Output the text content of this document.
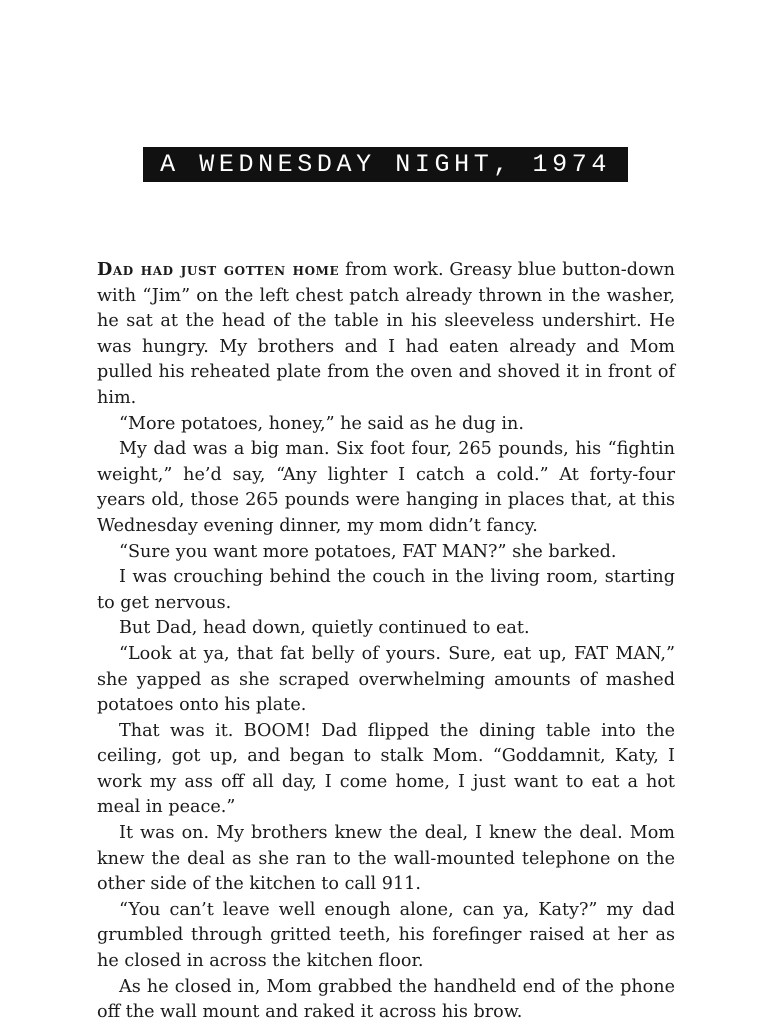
A WEDNESDAY NIGHT, 1974

Dad had just gotten home from work. Greasy blue button-down with “Jim” on the left chest patch already thrown in the washer, he sat at the head of the table in his sleeveless undershirt. He was hungry. My brothers and I had eaten already and Mom pulled his reheated plate from the oven and shoved it in front of him.

“More potatoes, honey,” he said as he dug in.

My dad was a big man. Six foot four, 265 pounds, his “fightin weight,” he’d say, “Any lighter I catch a cold.” At forty-four years old, those 265 pounds were hanging in places that, at this Wednesday evening dinner, my mom didn’t fancy.

“Sure you want more potatoes, FAT MAN?” she barked.

I was crouching behind the couch in the living room, starting to get nervous.

But Dad, head down, quietly continued to eat.

“Look at ya, that fat belly of yours. Sure, eat up, FAT MAN,” she yapped as she scraped overwhelming amounts of mashed potatoes onto his plate.

That was it. BOOM! Dad flipped the dining table into the ceiling, got up, and began to stalk Mom. “Goddamnit, Katy, I work my ass off all day, I come home, I just want to eat a hot meal in peace.”

It was on. My brothers knew the deal, I knew the deal. Mom knew the deal as she ran to the wall-mounted telephone on the other side of the kitchen to call 911.

“You can’t leave well enough alone, can ya, Katy?” my dad grumbled through gritted teeth, his forefinger raised at her as he closed in across the kitchen floor.

As he closed in, Mom grabbed the handheld end of the phone off the wall mount and raked it across his brow.
